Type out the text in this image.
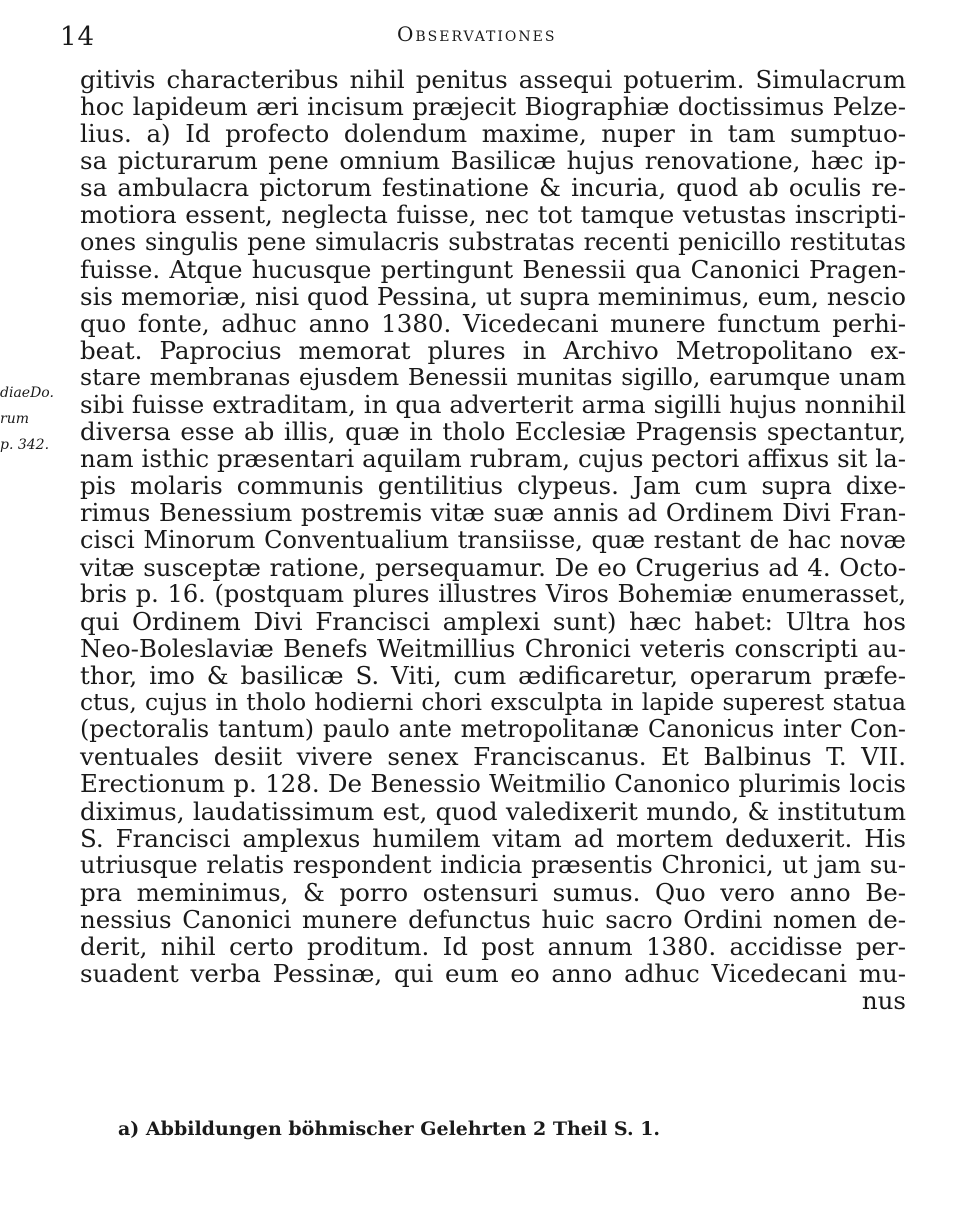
14	Observationes
diaeDo.
rum
p. 342.
gitivis characteribus nihil penitus assequi potuerim. Simulacrum
hoc lapideum æri incisum præjecit Biographiæ doctissimus Pelze-
lius. a) Id profecto dolendum maxime, nuper in tam sumptuo-
sa picturarum pene omnium Basilicæ hujus renovatione, hæc ip-
sa ambulacra pictorum festinatione & incuria, quod ab oculis re-
motiora essent, neglecta fuisse, nec tot tamque vetustas inscripti-
ones singulis pene simulacris substratas recenti penicillo restitutas
fuisse. Atque hucusque pertingunt Benessii qua Canonici Pragen-
sis memoriæ, nisi quod Pessina, ut supra meminimus, eum, nescio
quo fonte, adhuc anno 1380. Vicedecani munere functum perhi-
beat. Paprocius memorat plures in Archivo Metropolitano ex-
stare membranas ejusdem Benessii munitas sigillo, earumque unam
sibi fuisse extraditam, in qua adverterit arma sigilli hujus nonnihil
diversa esse ab illis, quæ in tholo Ecclesiæ Pragensis spectantur,
nam isthic præsentari aquilam rubram, cujus pectori affixus sit la-
pis molaris communis gentilitius clypeus. Jam cum supra dixe-
rimus Benessium postremis vitæ suæ annis ad Ordinem Divi Fran-
cisci Minorum Conventualium transiisse, quæ restant de hac novæ
vitæ susceptæ ratione, persequamur. De eo Crugerius ad 4. Octo-
bris p. 16. (postquam plures illustres Viros Bohemiæ enumerasset,
qui Ordinem Divi Francisci amplexi sunt) hæc habet: Ultra hos
Neo-Boleslaviæ Benefs Weitmillius Chronici veteris conscripti au-
thor, imo & basilicæ S. Viti, cum ædificaretur, operarum præfe-
ctus, cujus in tholo hodierni chori exsculpta in lapide superest statua
(pectoralis tantum) paulo ante metropolitanæ Canonicus inter Con-
ventuales desiit vivere senex Franciscanus. Et Balbinus T. VII.
Erectionum p. 128. De Benessio Weitmilio Canonico plurimis locis
diximus, laudatissimum est, quod valedixerit mundo, & institutum
S. Francisci amplexus humilem vitam ad mortem deduxerit. His
utriusque relatis respondent indicia præsentis Chronici, ut jam su-
pra meminimus, & porro ostensuri sumus. Quo vero anno Be-
nessius Canonici munere defunctus huic sacro Ordini nomen de-
derit, nihil certo proditum. Id post annum 1380. accidisse per-
suadent verba Pessinæ, qui eum eo anno adhuc Vicedecani mu-
nus
a) Abbildungen böhmischer Gelehrten 2 Theil S. 1.
